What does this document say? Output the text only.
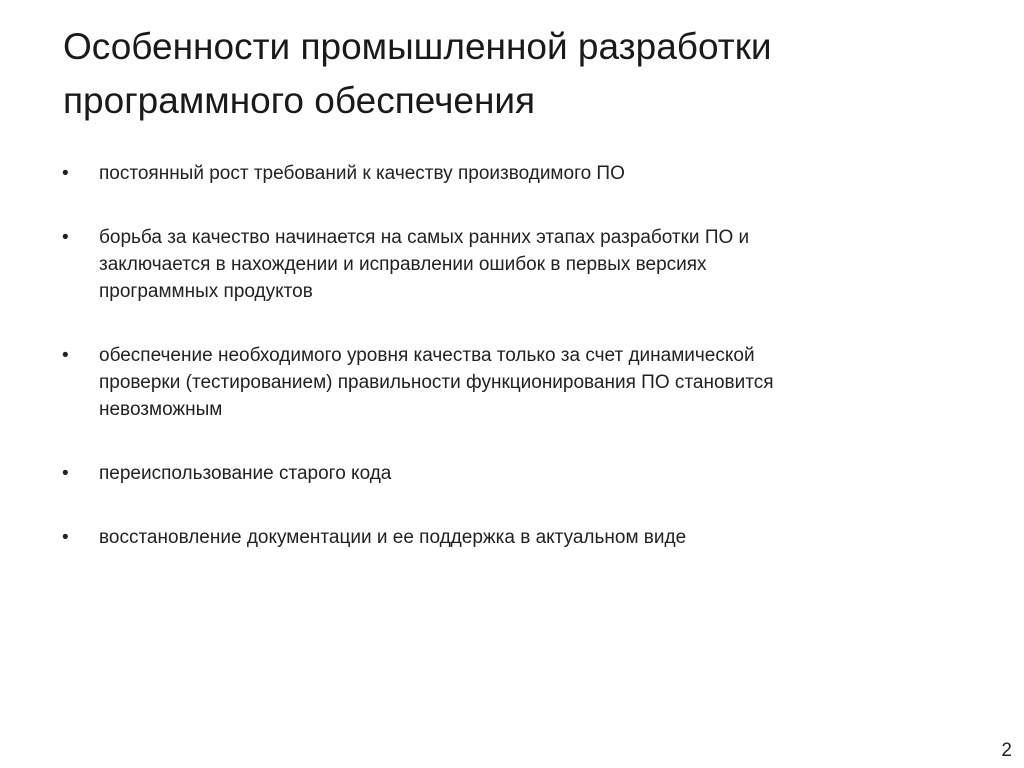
Особенности промышленной разработки
программного обеспечения
•	постоянный рост требований к качеству производимого ПО
•	борьба за качество начинается на самых ранних этапах разработки ПО и
заключается в нахождении и исправлении ошибок в первых версиях
программных продуктов
•	обеспечение необходимого уровня качества только за счет динамической
проверки (тестированием) правильности функционирования ПО становится
невозможным
•	переиспользование старого кода
•	восстановление документации и ее поддержка в актуальном виде
2
